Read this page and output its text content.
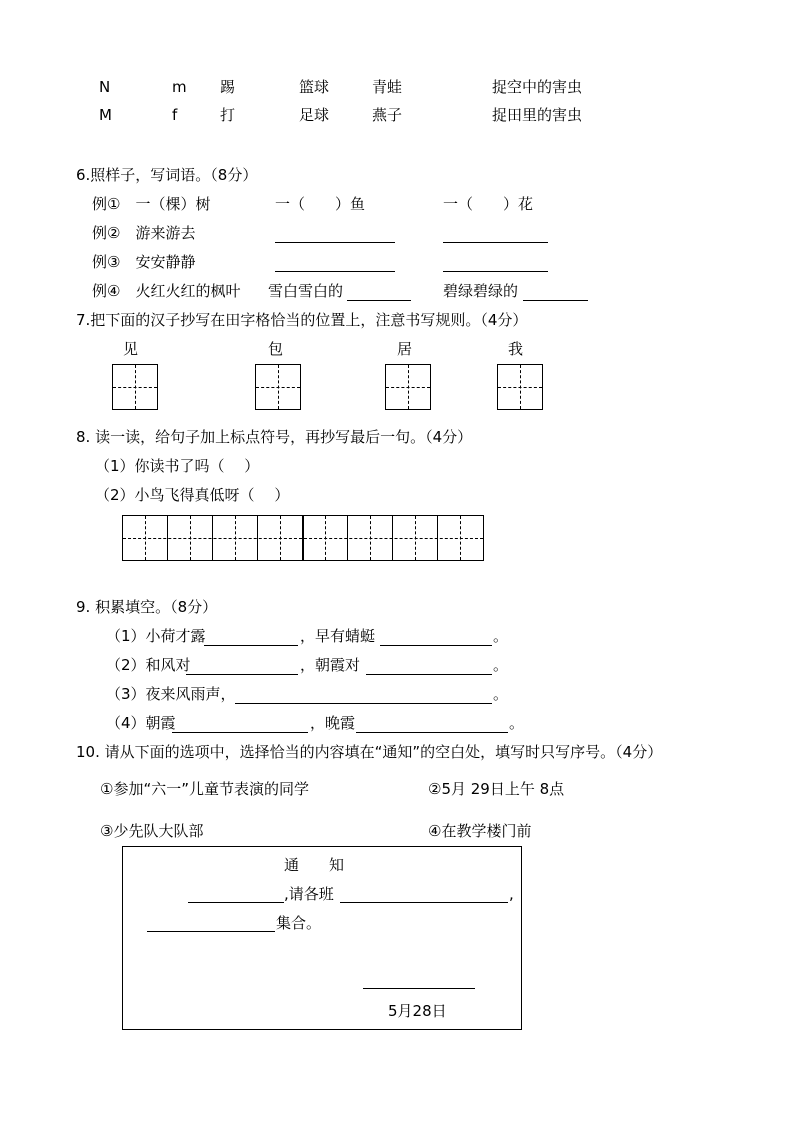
N	m 踢	篮球	青蛙	捉空中的害虫
M	f	打	足球	燕子	捉田里的害虫
6.照样子，写词语。（8分）
例①　一（棵）树	一（　　）鱼	一（　　）花
例②　游来游去
例③　安安静静
例④　火红火红的枫叶 雪白雪白的	碧绿碧绿的
7.把下面的汉子抄写在田字格恰当的位置上，注意书写规则。（4分）
见	包	居	我
8. 读一读，给句子加上标点符号，再抄写最后一句。（4分）
（1）你读书了吗（　 ）
（2）小鸟飞得真低呀（　 ）
9. 积累填空。（8分）
（1）小荷才露	，早有蜻蜓	。
（2）和风对	，朝霞对	。
（3）夜来风雨声，	。
（4）朝霞	，晚霞	。
10. 请从下面的选项中，选择恰当的内容填在“通知”的空白处，填写时只写序号。（4分）
①参加“六一”儿童节表演的同学	②5月 29日上午 8点
③少先队大队部	④在教学楼门前
通　　知
,请各班	,
集合。
5月28日
